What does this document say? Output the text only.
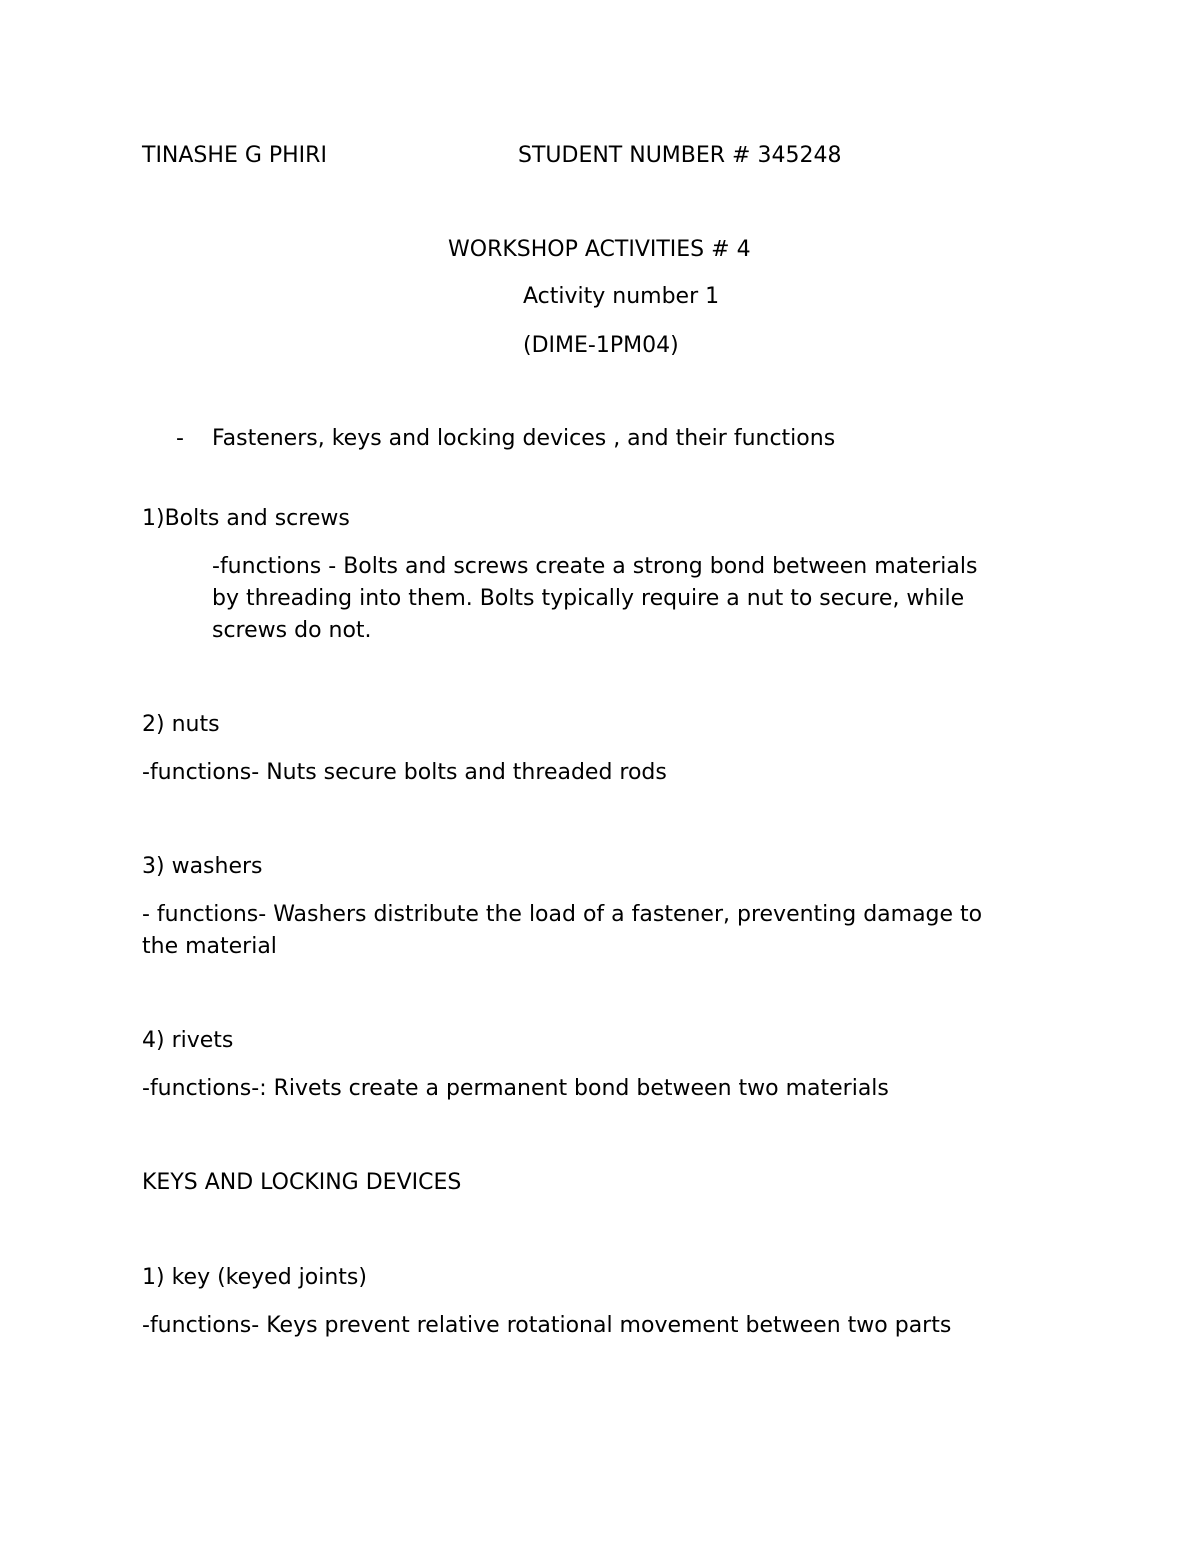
TINASHE G PHIRI	STUDENT NUMBER # 345248

WORKSHOP ACTIVITIES # 4

Activity number 1

(DIME-1PM04)

- Fasteners, keys and locking devices , and their functions

1)Bolts and screws

-functions - Bolts and screws create a strong bond between materials

by threading into them. Bolts typically require a nut to secure, while

screws do not.

2) nuts

-functions- Nuts secure bolts and threaded rods

3) washers

- functions- Washers distribute the load of a fastener, preventing damage to

the material

4) rivets

-functions-: Rivets create a permanent bond between two materials

KEYS AND LOCKING DEVICES

1) key (keyed joints)

-functions- Keys prevent relative rotational movement between two parts
